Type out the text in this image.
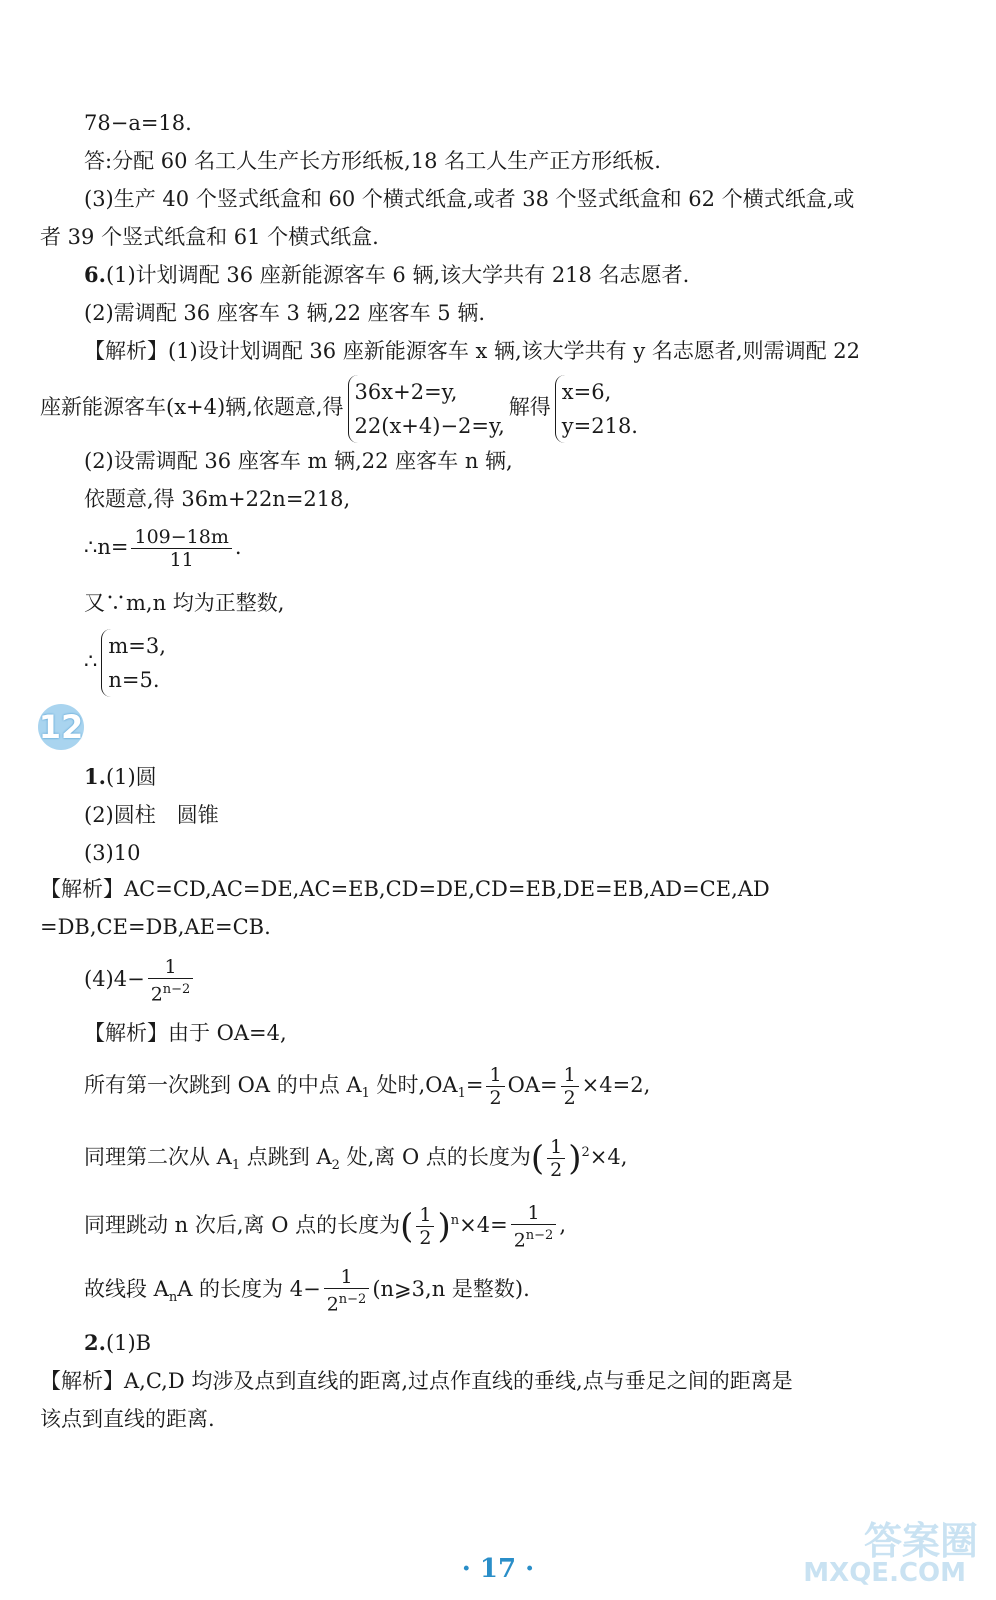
78−a=18.
答:分配 60 名工人生产长方形纸板,18 名工人生产正方形纸板.
(3)生产 40 个竖式纸盒和 60 个横式纸盒,或者 38 个竖式纸盒和 62 个横式纸盒,或
者 39 个竖式纸盒和 61 个横式纸盒.
6.(1)计划调配 36 座新能源客车 6 辆,该大学共有 218 名志愿者.
(2)需调配 36 座客车 3 辆,22 座客车 5 辆.
【解析】(1)设计划调配 36 座新能源客车 x 辆,该大学共有 y 名志愿者,则需调配 22
座新能源客车(x+4)辆,依题意,得
36x+2=y,
22(x+4)−2=y,
解得
x=6,
y=218.
(2)设需调配 36 座客车 m 辆,22 座客车 n 辆,
依题意,得 36m+22n=218,
∴n= $\frac{109-18m}{11}$ .
又∵m,n 均为正整数,
∴
m=3,
n=5.
12
1.(1)圆
(2)圆柱　圆锥
(3)10
【解析】AC=CD,AC=DE,AC=EB,CD=DE,CD=EB,DE=EB,AD=CE,AD
=DB,CE=DB,AE=CB.
$(4)4- \frac{1}{2^{n-2}}$
【解析】由于 OA=4,
所有第一次跳到 OA 的中点 $A_1$ 处时$,OA_1= \frac{1}{2} OA= \frac{1}{2} \times 4=2$,
同理第二次从 $A_1$ 点跳到 $A_2$ 处,离 O 点的长度为( $\frac{1}{2} )^2\times 4$,
同理跳动 n 次后,离 O 点的长度为( $\frac{1}{2} )^n\times 4= \frac{1}{2^{n-2}}$ ,
故线段 $A_nA$ 的长度为 $4- \frac{1}{2^{n-2}}$ (n⩾3,n 是整数).
2.(1)B
【解析】A,C,D 均涉及点到直线的距离,过点作直线的垂线,点与垂足之间的距离是
该点到直线的距离.
· 17 ·
答案圈
MXQE.COM
